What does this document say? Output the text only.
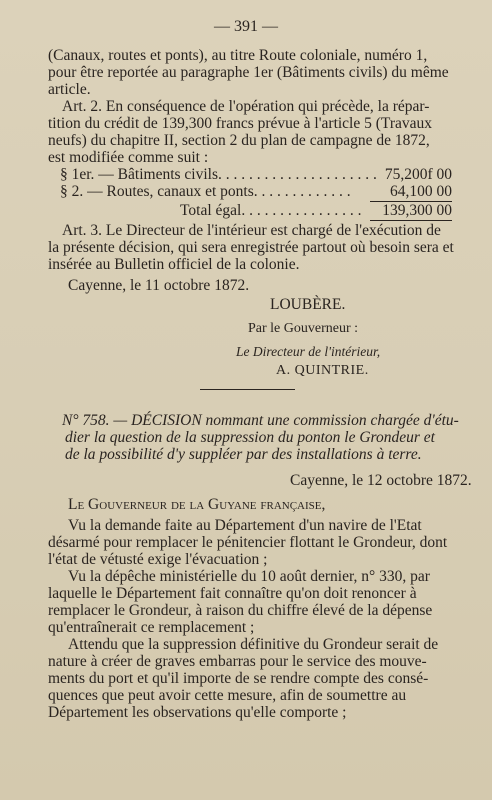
— 391 —
(Canaux, routes et ponts), au titre Route coloniale, numéro 1,
pour être reportée au paragraphe 1er (Bâtiments civils) du même
article.
Art. 2. En conséquence de l'opération qui précède, la répar-
tition du crédit de 139,300 francs prévue à l'article 5 (Travaux
neufs) du chapitre II, section 2 du plan de campagne de 1872,
est modifiée comme suit :
§ 1er. — Bâtiments civils. . . . . . . . . . . . . . . . . . . . . 75,200f 00
§ 2. — Routes, canaux et ponts. . . . . . . . . . . . .	64,100 00
Total égal. . . . . . . . . . . . . . . . 139,300 00
Art. 3. Le Directeur de l'intérieur est chargé de l'exécution de
la présente décision, qui sera enregistrée partout où besoin sera et
insérée au Bulletin officiel de la colonie.
Cayenne, le 11 octobre 1872.
LOUBÈRE.
Par le Gouverneur :
Le Directeur de l'intérieur,
A. QUINTRIE.
N° 758. — DÉCISION nommant une commission chargée d'étu-
dier la question de la suppression du ponton le Grondeur et
de la possibilité d'y suppléer par des installations à terre.
Cayenne, le 12 octobre 1872.
Le Gouverneur de la Guyane française,
Vu la demande faite au Département d'un navire de l'Etat
désarmé pour remplacer le pénitencier flottant le Grondeur, dont
l'état de vétusté exige l'évacuation ;
Vu la dépêche ministérielle du 10 août dernier, n° 330, par
laquelle le Département fait connaître qu'on doit renoncer à
remplacer le Grondeur, à raison du chiffre élevé de la dépense
qu'entraînerait ce remplacement ;
Attendu que la suppression définitive du Grondeur serait de
nature à créer de graves embarras pour le service des mouve-
ments du port et qu'il importe de se rendre compte des consé-
quences que peut avoir cette mesure, afin de soumettre au
Département les observations qu'elle comporte ;
